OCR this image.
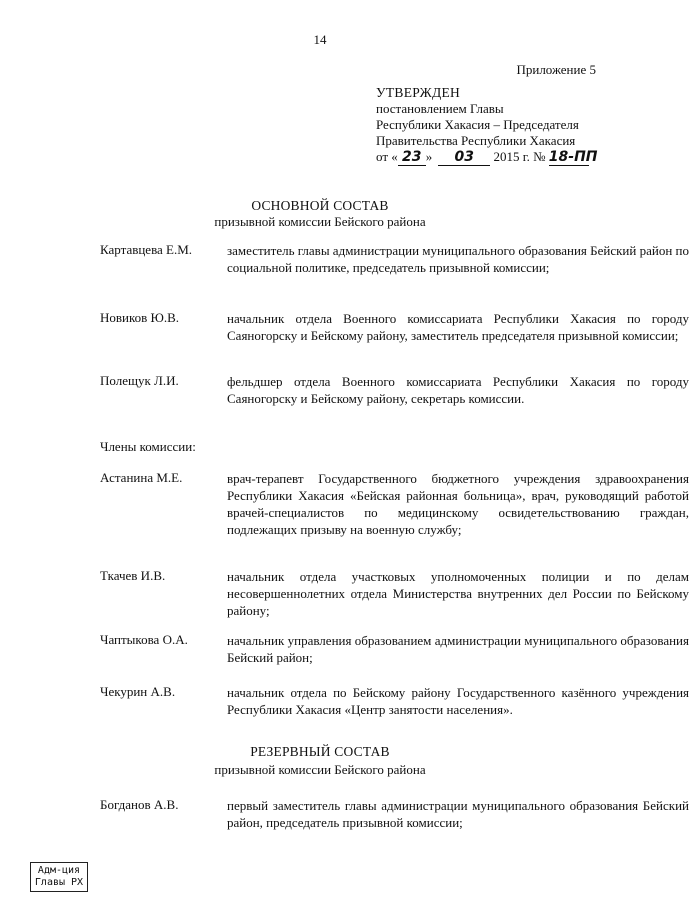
14
Приложение 5
УТВЕРЖДЕН
постановлением Главы
Республики Хакасия – Председателя
Правительства Республики Хакасия
от « 23 » 03 2015 г. № 18-ПП
ОСНОВНОЙ СОСТАВ
призывной комиссии Бейского района
Картавцева Е.М.	заместитель главы администрации муниципального образования Бейский район по социальной политике, председатель призывной комиссии;
Новиков Ю.В.	начальник отдела Военного комиссариата Республики Хакасия по городу Саяногорску и Бейскому району, заместитель председателя призывной комиссии;
Полещук Л.И.	фельдшер отдела Военного комиссариата Республики Хакасия по городу Саяногорску и Бейскому району, секретарь комиссии.
Члены комиссии:
Астанина М.Е.	врач-терапевт Государственного бюджетного учреждения здравоохранения Республики Хакасия «Бейская районная больница», врач, руководящий работой врачей-специалистов по медицинскому освидетельствованию граждан, подлежащих призыву на военную службу;
Ткачев И.В.	начальник отдела участковых уполномоченных полиции и по делам несовершеннолетних отдела Министерства внутренних дел России по Бейскому району;
Чаптыкова О.А.	начальник управления образованием администрации муниципального образования Бейский район;
Чекурин А.В.	начальник отдела по Бейскому району Государственного казённого учреждения Республики Хакасия «Центр занятости населения».
РЕЗЕРВНЫЙ СОСТАВ
призывной комиссии Бейского района
Богданов А.В.	первый заместитель главы администрации муниципального образования Бейский район, председатель призывной комиссии;
Адм-ция
Главы РХ
